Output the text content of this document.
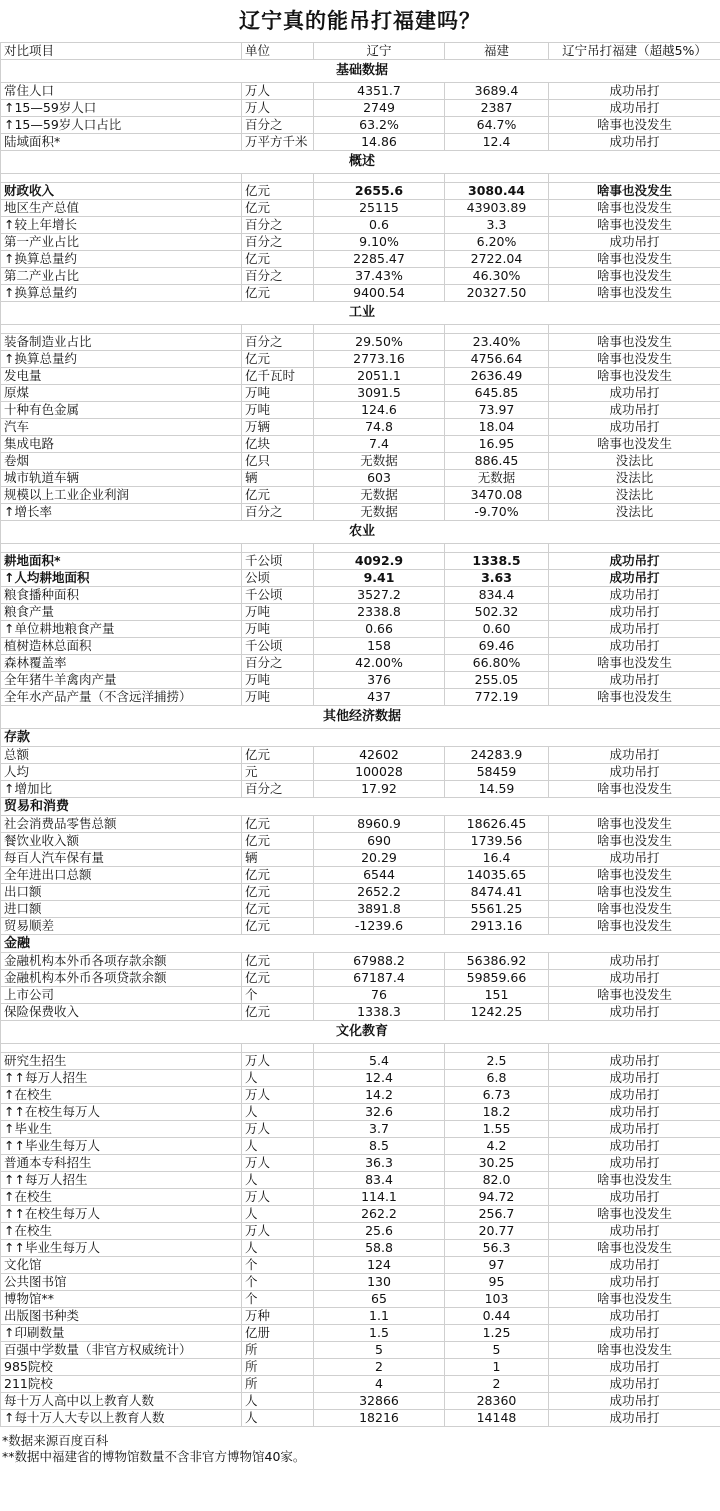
辽宁真的能吊打福建吗？
对比项目	单位	辽宁	福建	辽宁吊打福建（超越5%）
基础数据				
常住人口	万人	4351.7	3689.4	成功吊打
↑15—59岁人口	万人	2749	2387	成功吊打
↑15—59岁人口占比	百分之	63.2%	64.7%	啥事也没发生
陆域面积*	万平方千米	14.86	12.4	成功吊打
概述				

财政收入	亿元	2655.6	3080.44	啥事也没发生
地区生产总值	亿元	25115	43903.89	啥事也没发生
↑较上年增长	百分之	0.6	3.3	啥事也没发生
第一产业占比	百分之	9.10%	6.20%	成功吊打
↑换算总量约	亿元	2285.47	2722.04	啥事也没发生
第二产业占比	百分之	37.43%	46.30%	啥事也没发生
↑换算总量约	亿元	9400.54	20327.50	啥事也没发生
工业				

装备制造业占比	百分之	29.50%	23.40%	啥事也没发生
↑换算总量约	亿元	2773.16	4756.64	啥事也没发生
发电量	亿千瓦时	2051.1	2636.49	啥事也没发生
原煤	万吨	3091.5	645.85	成功吊打
十种有色金属	万吨	124.6	73.97	成功吊打
汽车	万辆	74.8	18.04	成功吊打
集成电路	亿块	7.4	16.95	啥事也没发生
卷烟	亿只	无数据	886.45	没法比
城市轨道车辆	辆	603	无数据	没法比
规模以上工业企业利润	亿元	无数据	3470.08	没法比
↑增长率	百分之	无数据	-9.70%	没法比
农业				

耕地面积*	千公顷	4092.9	1338.5	成功吊打
↑人均耕地面积	公顷	9.41	3.63	成功吊打
粮食播种面积	千公顷	3527.2	834.4	成功吊打
粮食产量	万吨	2338.8	502.32	成功吊打
↑单位耕地粮食产量	万吨	0.66	0.60	成功吊打
植树造林总面积	千公顷	158	69.46	成功吊打
森林覆盖率	百分之	42.00%	66.80%	啥事也没发生
全年猪牛羊禽肉产量	万吨	376	255.05	成功吊打
全年水产品产量（不含远洋捕捞）	万吨	437	772.19	啥事也没发生
其他经济数据				
存款				
总额	亿元	42602	24283.9	成功吊打
人均	元	100028	58459	成功吊打
↑增加比	百分之	17.92	14.59	啥事也没发生
贸易和消费				
社会消费品零售总额	亿元	8960.9	18626.45	啥事也没发生
餐饮业收入额	亿元	690	1739.56	啥事也没发生
每百人汽车保有量	辆	20.29	16.4	成功吊打
全年进出口总额	亿元	6544	14035.65	啥事也没发生
出口额	亿元	2652.2	8474.41	啥事也没发生
进口额	亿元	3891.8	5561.25	啥事也没发生
贸易顺差	亿元	-1239.6	2913.16	啥事也没发生
金融				
金融机构本外币各项存款余额	亿元	67988.2	56386.92	成功吊打
金融机构本外币各项贷款余额	亿元	67187.4	59859.66	成功吊打
上市公司	个	76	151	啥事也没发生
保险保费收入	亿元	1338.3	1242.25	成功吊打
文化教育				

研究生招生	万人	5.4	2.5	成功吊打
↑↑每万人招生	人	12.4	6.8	成功吊打
↑在校生	万人	14.2	6.73	成功吊打
↑↑在校生每万人	人	32.6	18.2	成功吊打
↑毕业生	万人	3.7	1.55	成功吊打
↑↑毕业生每万人	人	8.5	4.2	成功吊打
普通本专科招生	万人	36.3	30.25	成功吊打
↑↑每万人招生	人	83.4	82.0	啥事也没发生
↑在校生	万人	114.1	94.72	成功吊打
↑↑在校生每万人	人	262.2	256.7	啥事也没发生
↑在校生	万人	25.6	20.77	成功吊打
↑↑毕业生每万人	人	58.8	56.3	啥事也没发生
文化馆	个	124	97	成功吊打
公共图书馆	个	130	95	成功吊打
博物馆**	个	65	103	啥事也没发生
出版图书种类	万种	1.1	0.44	成功吊打
↑印刷数量	亿册	1.5	1.25	成功吊打
百强中学数量（非官方权威统计）	所	5	5	啥事也没发生
985院校	所	2	1	成功吊打
211院校	所	4	2	成功吊打
每十万人高中以上教育人数	人	32866	28360	成功吊打
↑每十万人大专以上教育人数	人	18216	14148	成功吊打
*数据来源百度百科
**数据中福建省的博物馆数量不含非官方博物馆40家。
